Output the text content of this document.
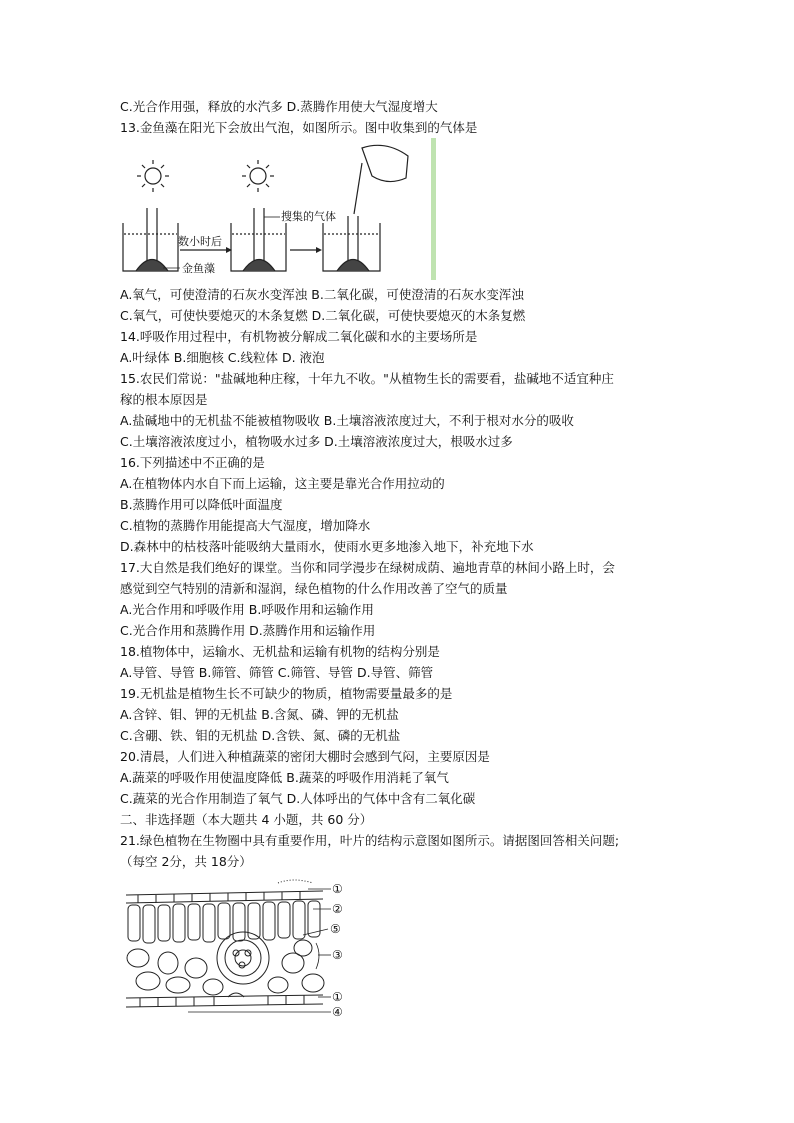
C.光合作用强，释放的水汽多 D.蒸腾作用使大气湿度增大
13.金鱼藻在阳光下会放出气泡，如图所示。图中收集到的气体是
数小时后
金鱼藻
搜集的气体
A.氧气，可使澄清的石灰水变浑浊 B.二氧化碳，可使澄清的石灰水变浑浊
C.氧气，可使快要熄灭的木条复燃 D.二氧化碳，可使快要熄灭的木条复燃
14.呼吸作用过程中，有机物被分解成二氧化碳和水的主要场所是
A.叶绿体 B.细胞核 C.线粒体 D. 液泡
15.农民们常说："盐碱地种庄稼，十年九不收。"从植物生长的需要看，盐碱地不适宜种庄
稼的根本原因是
A.盐碱地中的无机盐不能被植物吸收 B.土壤溶液浓度过大，不利于根对水分的吸收
C.土壤溶液浓度过小，植物吸水过多 D.土壤溶液浓度过大，根吸水过多
16.下列描述中不正确的是
A.在植物体内水自下而上运输，这主要是靠光合作用拉动的
B.蒸腾作用可以降低叶面温度
C.植物的蒸腾作用能提高大气湿度，增加降水
D.森林中的枯枝落叶能吸纳大量雨水，使雨水更多地渗入地下，补充地下水
17.大自然是我们绝好的课堂。当你和同学漫步在绿树成荫、遍地青草的林间小路上时，会
感觉到空气特别的清新和湿润，绿色植物的什么作用改善了空气的质量
A.光合作用和呼吸作用 B.呼吸作用和运输作用
C.光合作用和蒸腾作用 D.蒸腾作用和运输作用
18.植物体中，运输水、无机盐和运输有机物的结构分别是
A.导管、导管 B.筛管、筛管 C.筛管、导管 D.导管、筛管
19.无机盐是植物生长不可缺少的物质，植物需要量最多的是
A.含锌、钼、钾的无机盐 B.含氮、磷、钾的无机盐
C.含硼、铁、钼的无机盐 D.含铁、氮、磷的无机盐
20.清晨，人们进入种植蔬菜的密闭大棚时会感到气闷，主要原因是
A.蔬菜的呼吸作用使温度降低 B.蔬菜的呼吸作用消耗了氧气
C.蔬菜的光合作用制造了氧气 D.人体呼出的气体中含有二氧化碳
二、非选择题（本大题共 4 小题，共 60 分）
21.绿色植物在生物圈中具有重要作用，叶片的结构示意图如图所示。请据图回答相关问题;
（每空 2分，共 18分）
①
②
⑤
③
①
④
